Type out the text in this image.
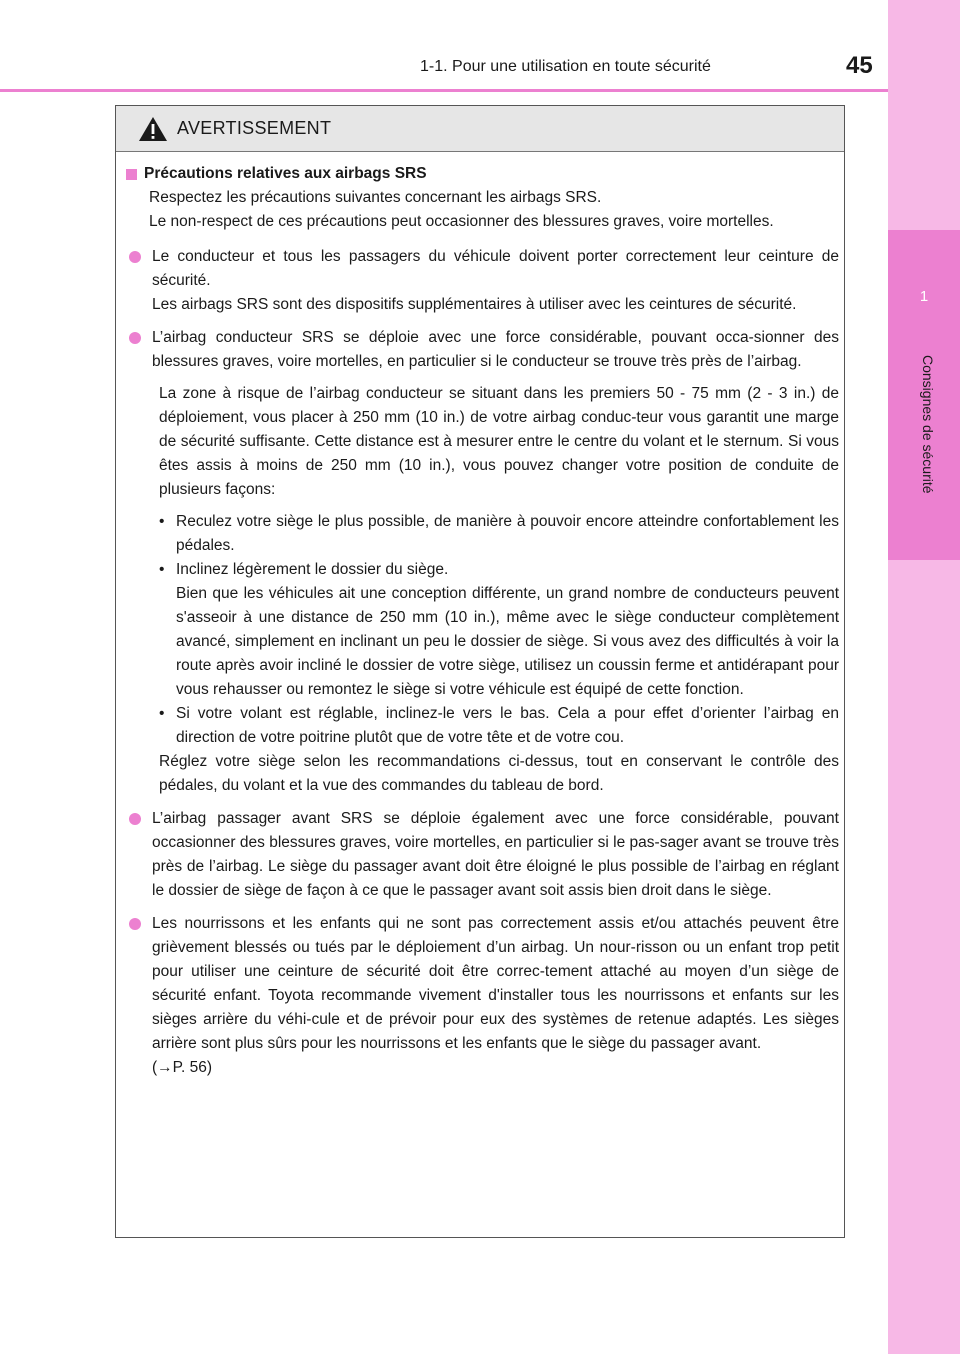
1
Consignes de sécurité
1-1. Pour une utilisation en toute sécurité	45
AVERTISSEMENT
Précautions relatives aux airbags SRS
Respectez les précautions suivantes concernant les airbags SRS.
Le non-respect de ces précautions peut occasionner des blessures graves, voire mortelles.
Le conducteur et tous les passagers du véhicule doivent porter correctement leur ceinture de sécurité.
Les airbags SRS sont des dispositifs supplémentaires à utiliser avec les ceintures de sécurité.
L’airbag conducteur SRS se déploie avec une force considérable, pouvant occa-sionner des blessures graves, voire mortelles, en particulier si le conducteur se trouve très près de l’airbag.
La zone à risque de l’airbag conducteur se situant dans les premiers 50 - 75 mm (2 - 3 in.) de déploiement, vous placer à 250 mm (10 in.) de votre airbag conduc-teur vous garantit une marge de sécurité suffisante. Cette distance est à mesurer entre le centre du volant et le sternum. Si vous êtes assis à moins de 250 mm (10 in.), vous pouvez changer votre position de conduite de plusieurs façons:
• Reculez votre siège le plus possible, de manière à pouvoir encore atteindre confortablement les pédales.
• Inclinez légèrement le dossier du siège.
Bien que les véhicules ait une conception différente, un grand nombre de conducteurs peuvent s'asseoir à une distance de 250 mm (10 in.), même avec le siège conducteur complètement avancé, simplement en inclinant un peu le dossier de siège. Si vous avez des difficultés à voir la route après avoir incliné le dossier de votre siège, utilisez un coussin ferme et antidérapant pour vous rehausser ou remontez le siège si votre véhicule est équipé de cette fonction.
• Si votre volant est réglable, inclinez-le vers le bas. Cela a pour effet d’orienter l’airbag en direction de votre poitrine plutôt que de votre tête et de votre cou.
Réglez votre siège selon les recommandations ci-dessus, tout en conservant le contrôle des pédales, du volant et la vue des commandes du tableau de bord.
L’airbag passager avant SRS se déploie également avec une force considérable, pouvant occasionner des blessures graves, voire mortelles, en particulier si le pas-sager avant se trouve très près de l’airbag. Le siège du passager avant doit être éloigné le plus possible de l’airbag en réglant le dossier de siège de façon à ce que le passager avant soit assis bien droit dans le siège.
Les nourrissons et les enfants qui ne sont pas correctement assis et/ou attachés peuvent être grièvement blessés ou tués par le déploiement d’un airbag. Un nour-risson ou un enfant trop petit pour utiliser une ceinture de sécurité doit être correc-tement attaché au moyen d’un siège de sécurité enfant. Toyota recommande vivement d'installer tous les nourrissons et enfants sur les sièges arrière du véhi-cule et de prévoir pour eux des systèmes de retenue adaptés. Les sièges arrière sont plus sûrs pour les nourrissons et les enfants que le siège du passager avant.
(→P. 56)
